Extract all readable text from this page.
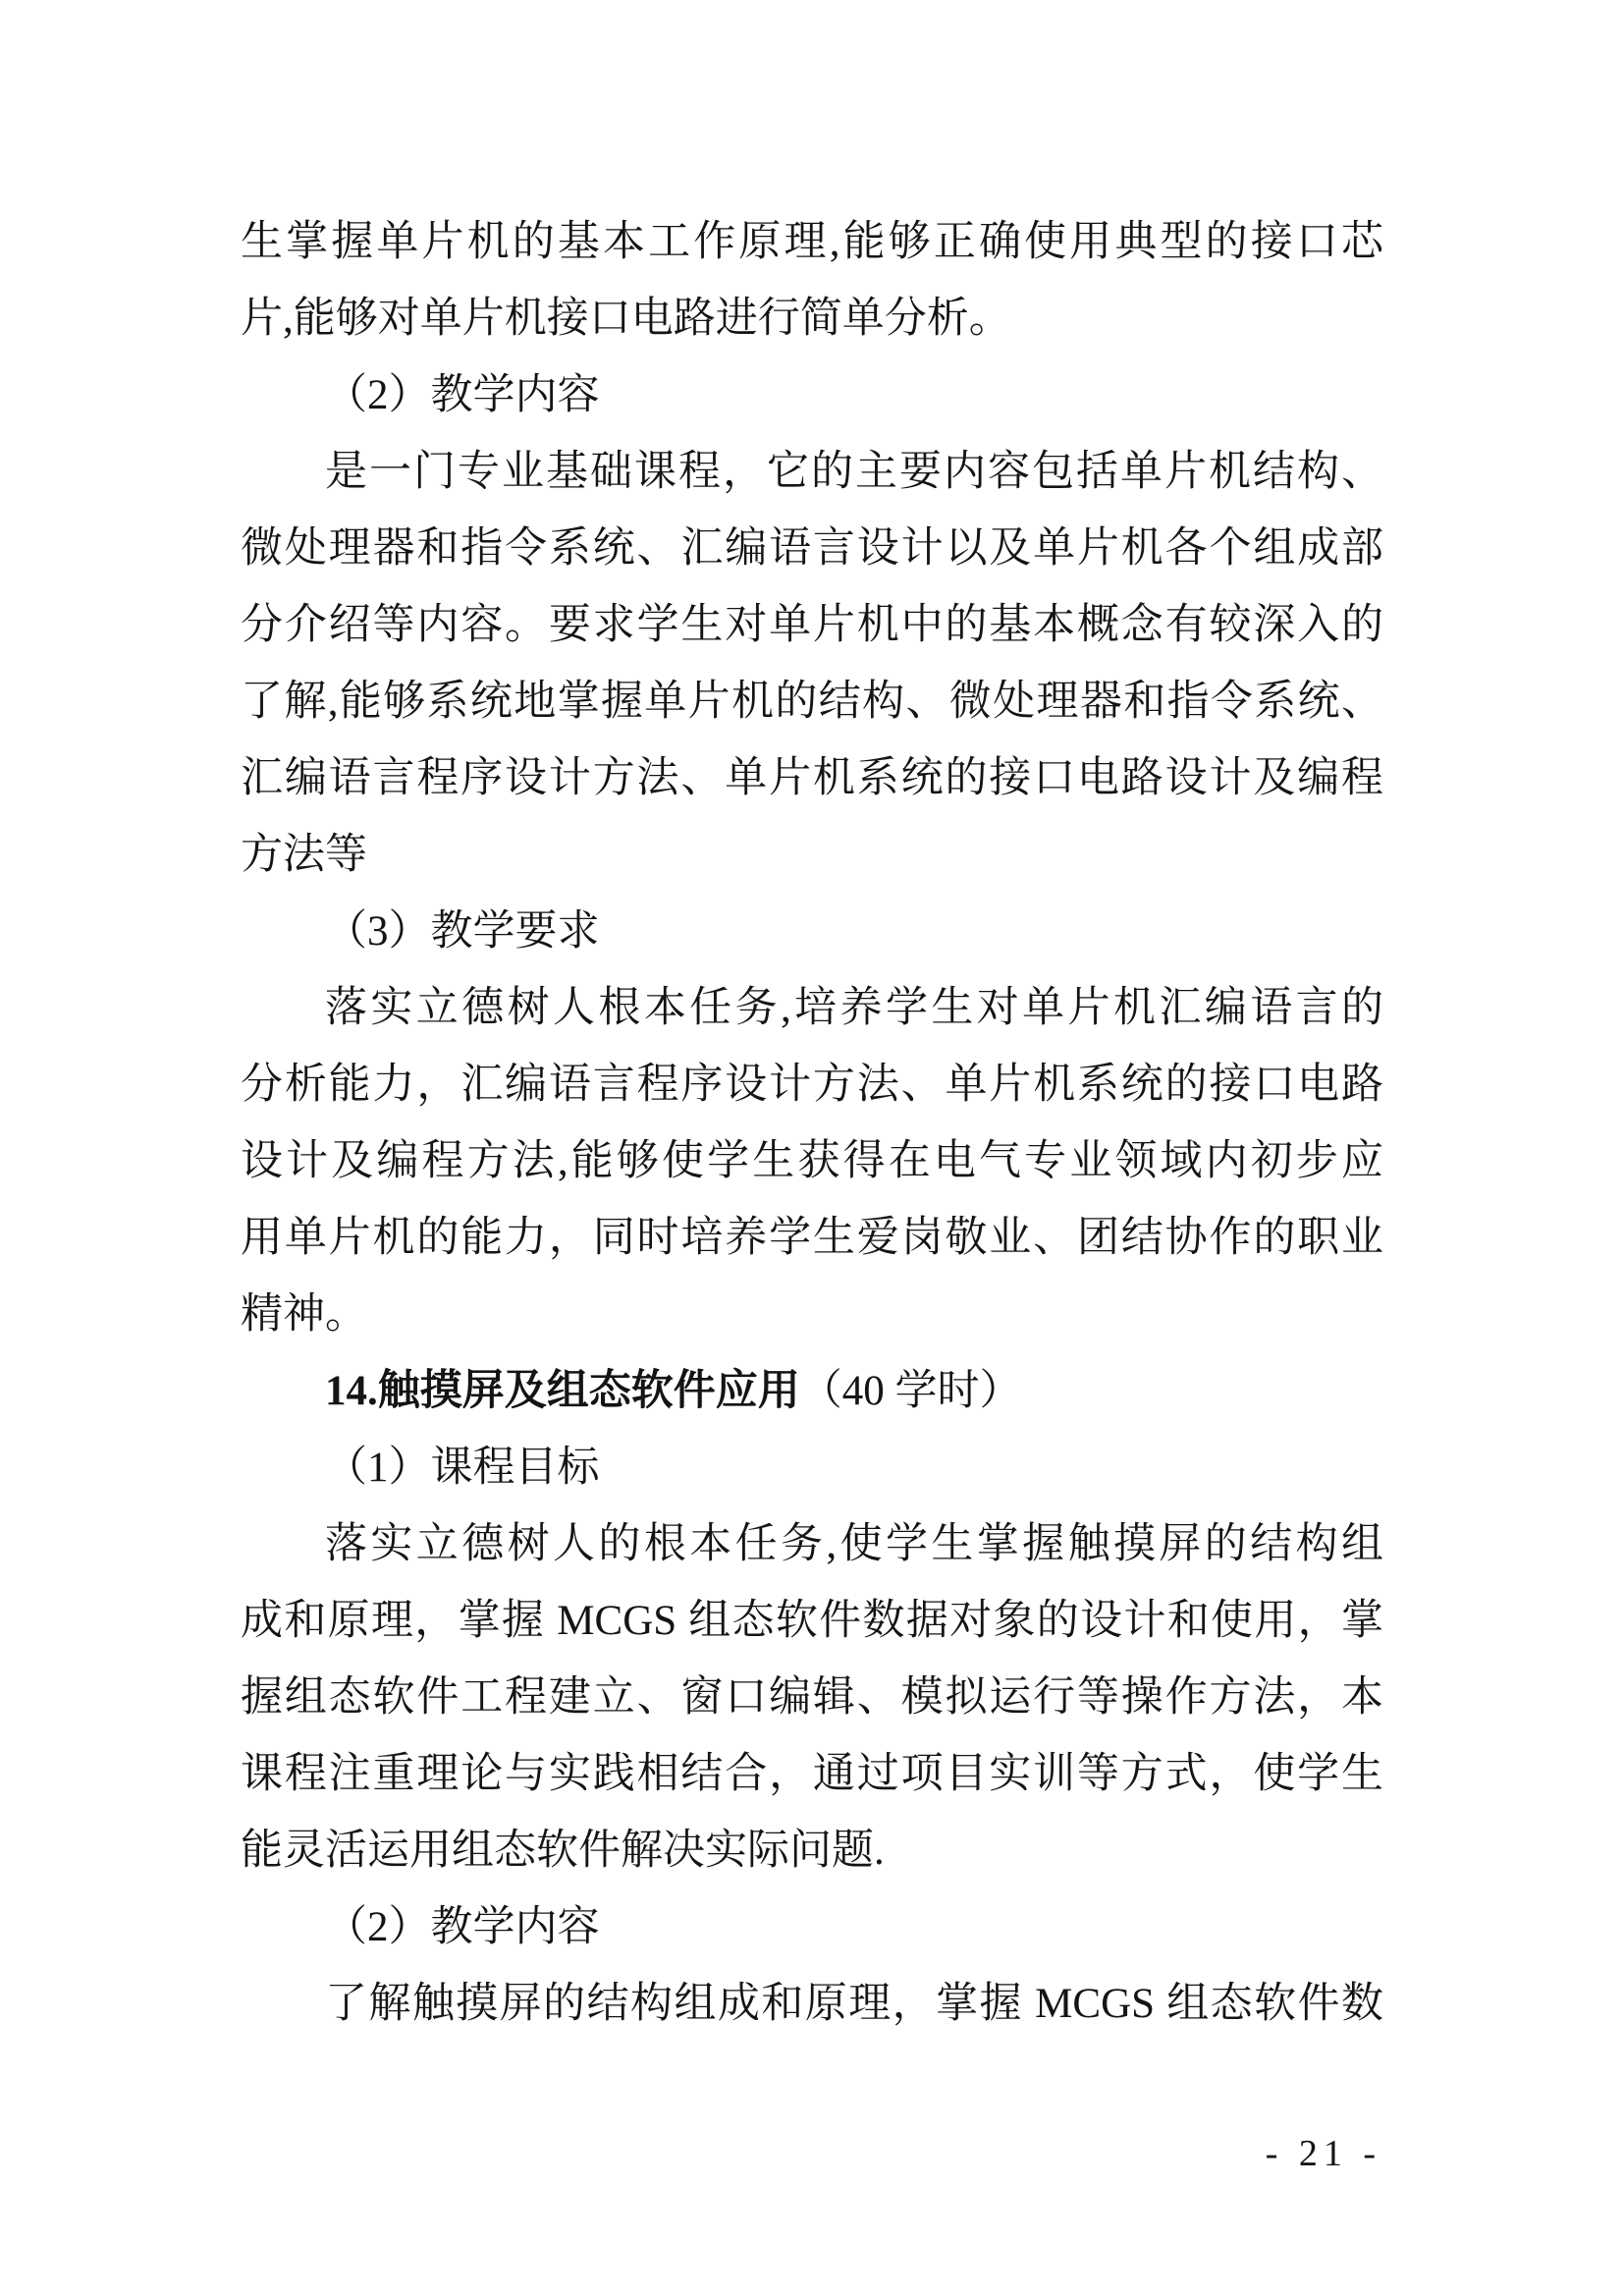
生掌握单片机的基本工作原理,能够正确使用典型的接口芯
片,能够对单片机接口电路进行简单分析。
（2）教学内容
是一门专业基础课程，它的主要内容包括单片机结构、
微处理器和指令系统、汇编语言设计以及单片机各个组成部
分介绍等内容。要求学生对单片机中的基本概念有较深入的
了解,能够系统地掌握单片机的结构、微处理器和指令系统、
汇编语言程序设计方法、单片机系统的接口电路设计及编程
方法等
（3）教学要求
落实立德树人根本任务,培养学生对单片机汇编语言的
分析能力，汇编语言程序设计方法、单片机系统的接口电路
设计及编程方法,能够使学生获得在电气专业领域内初步应
用单片机的能力，同时培养学生爱岗敬业、团结协作的职业
精神。
14.触摸屏及组态软件应用（40 学时）
（1）课程目标
落实立德树人的根本任务,使学生掌握触摸屏的结构组
成和原理，掌握 MCGS 组态软件数据对象的设计和使用，掌
握组态软件工程建立、窗口编辑、模拟运行等操作方法，本
课程注重理论与实践相结合，通过项目实训等方式，使学生
能灵活运用组态软件解决实际问题.
（2）教学内容
了解触摸屏的结构组成和原理，掌握 MCGS 组态软件数
- 21 -
